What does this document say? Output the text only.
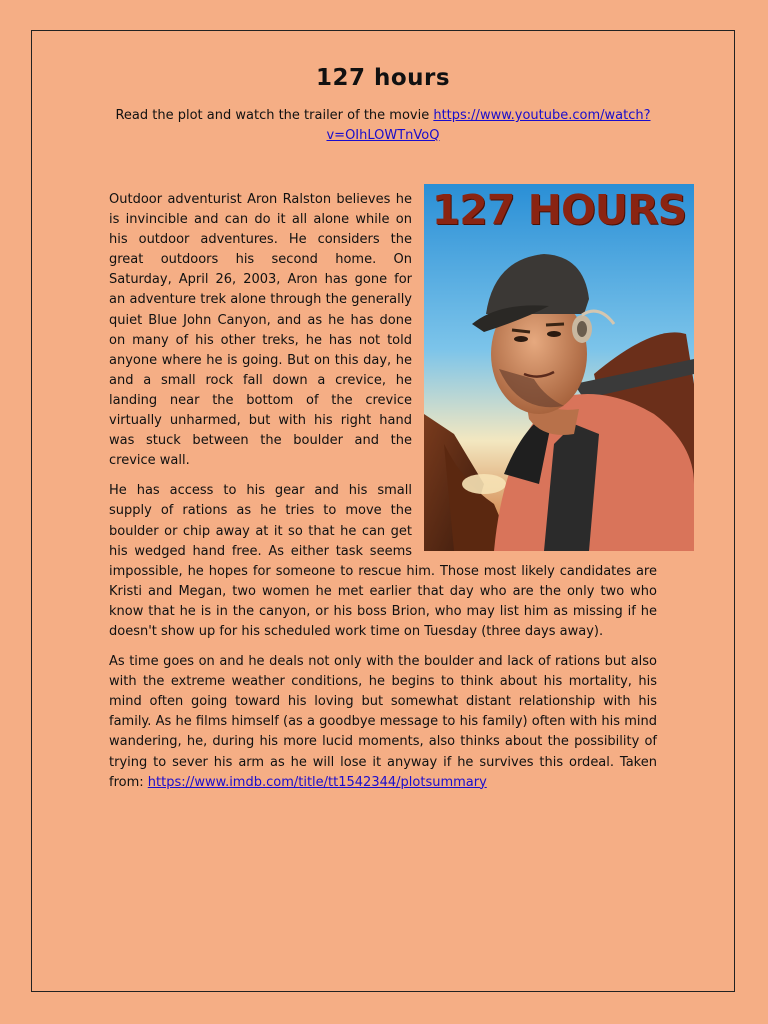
127 hours

Read the plot and watch the trailer of the movie https://www.youtube.com/watch?v=OIhLOWTnVoQ

127 HOURS

Outdoor adventurist Aron Ralston believes he is invincible and can do it all alone while on his outdoor adventures. He considers the great outdoors his second home. On Saturday, April 26, 2003, Aron has gone for an adventure trek alone through the generally quiet Blue John Canyon, and as he has done on many of his other treks, he has not told anyone where he is going. But on this day, he and a small rock fall down a crevice, he landing near the bottom of the crevice virtually unharmed, but with his right hand was stuck between the boulder and the crevice wall.

He has access to his gear and his small supply of rations as he tries to move the boulder or chip away at it so that he can get his wedged hand free. As either task seems impossible, he hopes for someone to rescue him. Those most likely candidates are Kristi and Megan, two women he met earlier that day who are the only two who know that he is in the canyon, or his boss Brion, who may list him as missing if he doesn't show up for his scheduled work time on Tuesday (three days away).

As time goes on and he deals not only with the boulder and lack of rations but also with the extreme weather conditions, he begins to think about his mortality, his mind often going toward his loving but somewhat distant relationship with his family. As he films himself (as a goodbye message to his family) often with his mind wandering, he, during his more lucid moments, also thinks about the possibility of trying to sever his arm as he will lose it anyway if he survives this ordeal. Taken from: https://www.imdb.com/title/tt1542344/plotsummary
